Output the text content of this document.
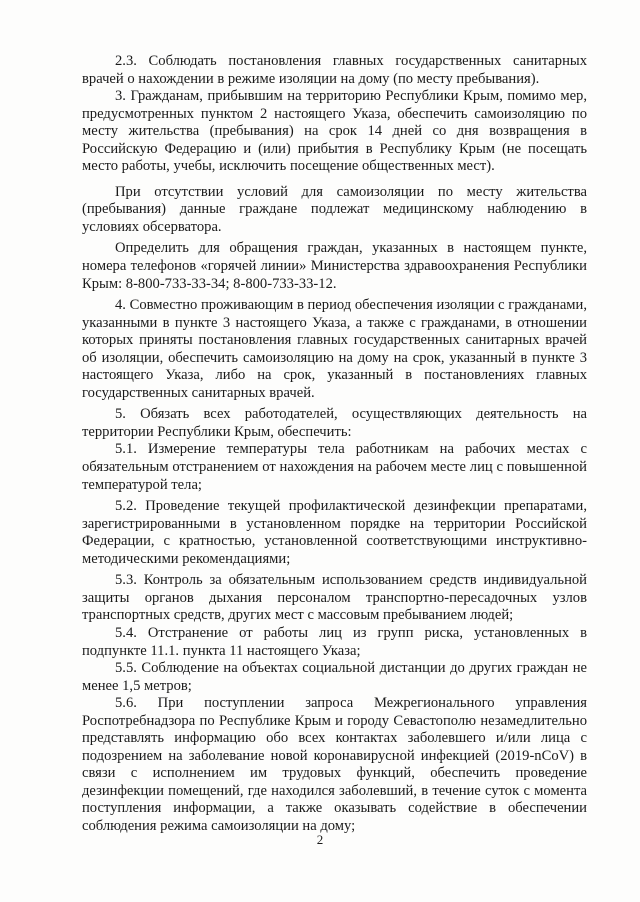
2.3. Соблюдать постановления главных государственных санитарных врачей о нахождении в режиме изоляции на дому (по месту пребывания).

3. Гражданам, прибывшим на территорию Республики Крым, помимо мер, предусмотренных пунктом 2 настоящего Указа, обеспечить самоизоляцию по месту жительства (пребывания) на срок 14 дней со дня возвращения в Российскую Федерацию и (или) прибытия в Республику Крым (не посещать место работы, учебы, исключить посещение общественных мест).

При отсутствии условий для самоизоляции по месту жительства (пребывания) данные граждане подлежат медицинскому наблюдению в условиях обсерватора.

Определить для обращения граждан, указанных в настоящем пункте, номера телефонов «горячей линии» Министерства здравоохранения Республики Крым: 8-800-733-33-34; 8-800-733-33-12.

4. Совместно проживающим в период обеспечения изоляции с гражданами, указанными в пункте 3 настоящего Указа, а также с гражданами, в отношении которых приняты постановления главных государственных санитарных врачей об изоляции, обеспечить самоизоляцию на дому на срок, указанный в пункте 3 настоящего Указа, либо на срок, указанный в постановлениях главных государственных санитарных врачей.

5. Обязать всех работодателей, осуществляющих деятельность на территории Республики Крым, обеспечить:

5.1. Измерение температуры тела работникам на рабочих местах с обязательным отстранением от нахождения на рабочем месте лиц с повышенной температурой тела;

5.2. Проведение текущей профилактической дезинфекции препаратами, зарегистрированными в установленном порядке на территории Российской Федерации, с кратностью, установленной соответствующими инструктивно-методическими рекомендациями;

5.3. Контроль за обязательным использованием средств индивидуальной защиты органов дыхания персоналом транспортно-пересадочных узлов транспортных средств, других мест с массовым пребыванием людей;

5.4. Отстранение от работы лиц из групп риска, установленных в подпункте 11.1. пункта 11 настоящего Указа;

5.5. Соблюдение на объектах социальной дистанции до других граждан не менее 1,5 метров;

5.6. При поступлении запроса Межрегионального управления Роспотребнадзора по Республике Крым и городу Севастополю незамедлительно представлять информацию обо всех контактах заболевшего и/или лица с подозрением на заболевание новой коронавирусной инфекцией (2019-nCoV) в связи с исполнением им трудовых функций, обеспечить проведение дезинфекции помещений, где находился заболевший, в течение суток с момента поступления информации, а также оказывать содействие в обеспечении соблюдения режима самоизоляции на дому;

2
